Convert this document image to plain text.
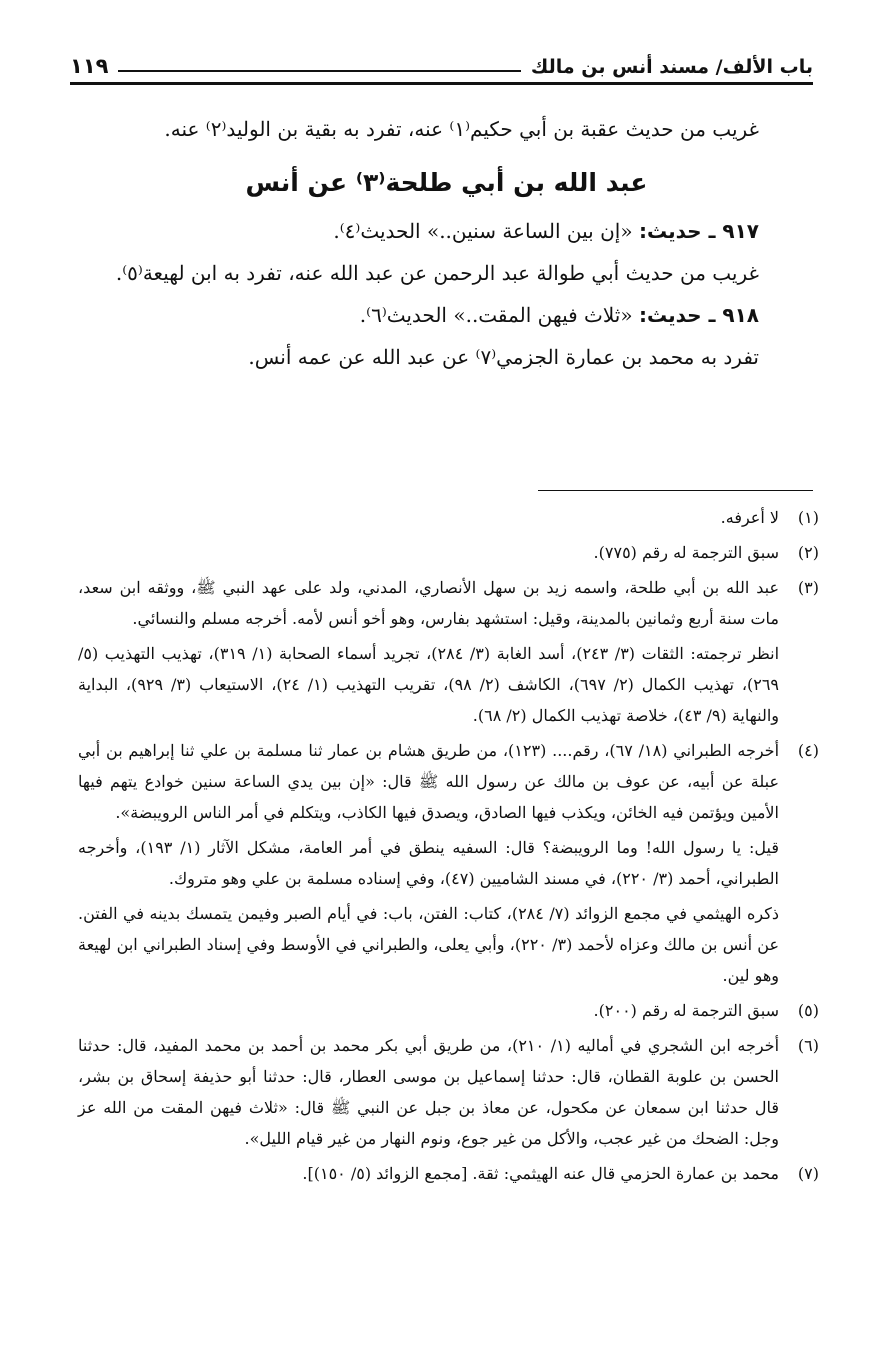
باب الألف/ مسند أنس بن مالك
١١٩

غريب من حديث عقبة بن أبي حكيم⁽١⁾ عنه، تفرد به بقية بن الوليد⁽٢⁾ عنه.

عبد الله بن أبي طلحة⁽٣⁾ عن أنس

٩١٧ ـ حديث: «إن بين الساعة سنين..» الحديث⁽٤⁾.

غريب من حديث أبي طوالة عبد الرحمن عن عبد الله عنه، تفرد به ابن لهيعة⁽٥⁾.

٩١٨ ـ حديث: «ثلاث فيهن المقت..» الحديث⁽٦⁾.

تفرد به محمد بن عمارة الجزمي⁽٧⁾ عن عبد الله عن عمه أنس.

(١)

لا أعرفه.

(٢)

سبق الترجمة له رقم (٧٧٥).

(٣)

عبد الله بن أبي طلحة، واسمه زيد بن سهل الأنصاري، المدني، ولد على عهد النبي ﷺ، ووثقه ابن سعد، مات سنة أربع وثمانين بالمدينة، وقيل: استشهد بفارس، وهو أخو أنس لأمه. أخرجه مسلم والنسائي.

انظر ترجمته: الثقات (٣/ ٢٤٣)، أسد الغابة (٣/ ٢٨٤)، تجريد أسماء الصحابة (١/ ٣١٩)، تهذيب التهذيب (٥/ ٢٦٩)، تهذيب الكمال (٢/ ٦٩٧)، الكاشف (٢/ ٩٨)، تقريب التهذيب (١/ ٢٤)، الاستيعاب (٣/ ٩٢٩)، البداية والنهاية (٩/ ٤٣)، خلاصة تهذيب الكمال (٢/ ٦٨).

(٤)

أخرجه الطبراني (١٨/ ٦٧)، رقم.... (١٢٣)، من طريق هشام بن عمار ثنا مسلمة بن علي ثنا إبراهيم بن أبي عبلة عن أبيه، عن عوف بن مالك عن رسول الله ﷺ قال: «إن بين يدي الساعة سنين خوادع يتهم فيها الأمين ويؤتمن فيه الخائن، ويكذب فيها الصادق، ويصدق فيها الكاذب، ويتكلم في أمر الناس الرويبضة».

قيل: يا رسول الله! وما الرويبضة؟ قال: السفيه ينطق في أمر العامة، مشكل الآثار (١/ ١٩٣)، وأخرجه الطبراني، أحمد (٣/ ٢٢٠)، في مسند الشاميين (٤٧)، وفي إسناده مسلمة بن علي وهو متروك.

ذكره الهيثمي في مجمع الزوائد (٧/ ٢٨٤)، كتاب: الفتن، باب: في أيام الصبر وفيمن يتمسك بدينه في الفتن. عن أنس بن مالك وعزاه لأحمد (٣/ ٢٢٠)، وأبي يعلى، والطبراني في الأوسط وفي إسناد الطبراني ابن لهيعة وهو لين.

(٥)

سبق الترجمة له رقم (٢٠٠).

(٦)

أخرجه ابن الشجري في أماليه (١/ ٢١٠)، من طريق أبي بكر محمد بن أحمد بن محمد المفيد، قال: حدثنا الحسن بن علوبة القطان، قال: حدثنا إسماعيل بن موسى العطار، قال: حدثنا أبو حذيفة إسحاق بن بشر، قال حدثنا ابن سمعان عن مكحول، عن معاذ بن جبل عن النبي ﷺ قال: «ثلاث فيهن المقت من الله عز وجل: الضحك من غير عجب، والأكل من غير جوع، ونوم النهار من غير قيام الليل».

(٧)

محمد بن عمارة الحزمي قال عنه الهيثمي: ثقة. [مجمع الزوائد (٥/ ١٥٠)].
